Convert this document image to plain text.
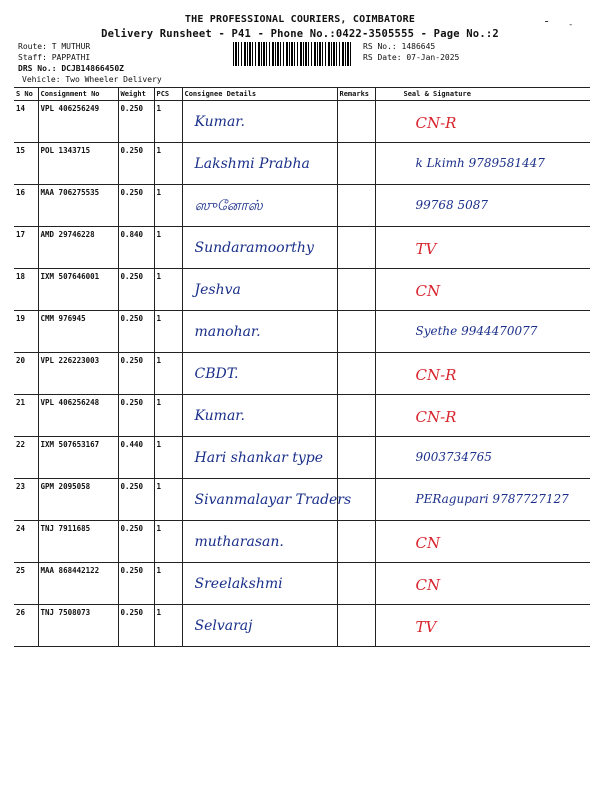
THE PROFESSIONAL COURIERS, COIMBATORE
Delivery Runsheet - P41 - Phone No.:0422-3505555 - Page No.:2
Route: T MUTHUR
Staff: PAPPATHI
DRS No.: DCJB14866450Z
Vehicle: Two Wheeler Delivery
RS No.: 1486645
RS Date: 07-Jan-2025
- -
S No	Consignment No	Weight	PCS	Consignee Details	Remarks	Seal & Signature
14	VPL 406256249	0.250	1	Kumar.		CN-R

15	POL 1343715	0.250	1	Lakshmi Prabha		k Lkimh 9789581447

16	MAA 706275535	0.250	1	ஸுனோஸ்		99768 5087

17	AMD 29746228	0.840	1	Sundaramoorthy		TV

18	IXM 507646001	0.250	1	Jeshva		CN

19	CMM 976945	0.250	1	manohar.		Syethe 9944470077

20	VPL 226223003	0.250	1	CBDT.		CN-R

21	VPL 406256248	0.250	1	Kumar.		CN-R

22	IXM 507653167	0.440	1	Hari shankar type		9003734765

23	GPM 2095058	0.250	1	Sivanmalayar Traders		PERagupari 9787727127

24	TNJ 7911685	0.250	1	mutharasan.		CN

25	MAA 868442122	0.250	1	Sreelakshmi		CN

26	TNJ 7508073	0.250	1	Selvaraj		TV
